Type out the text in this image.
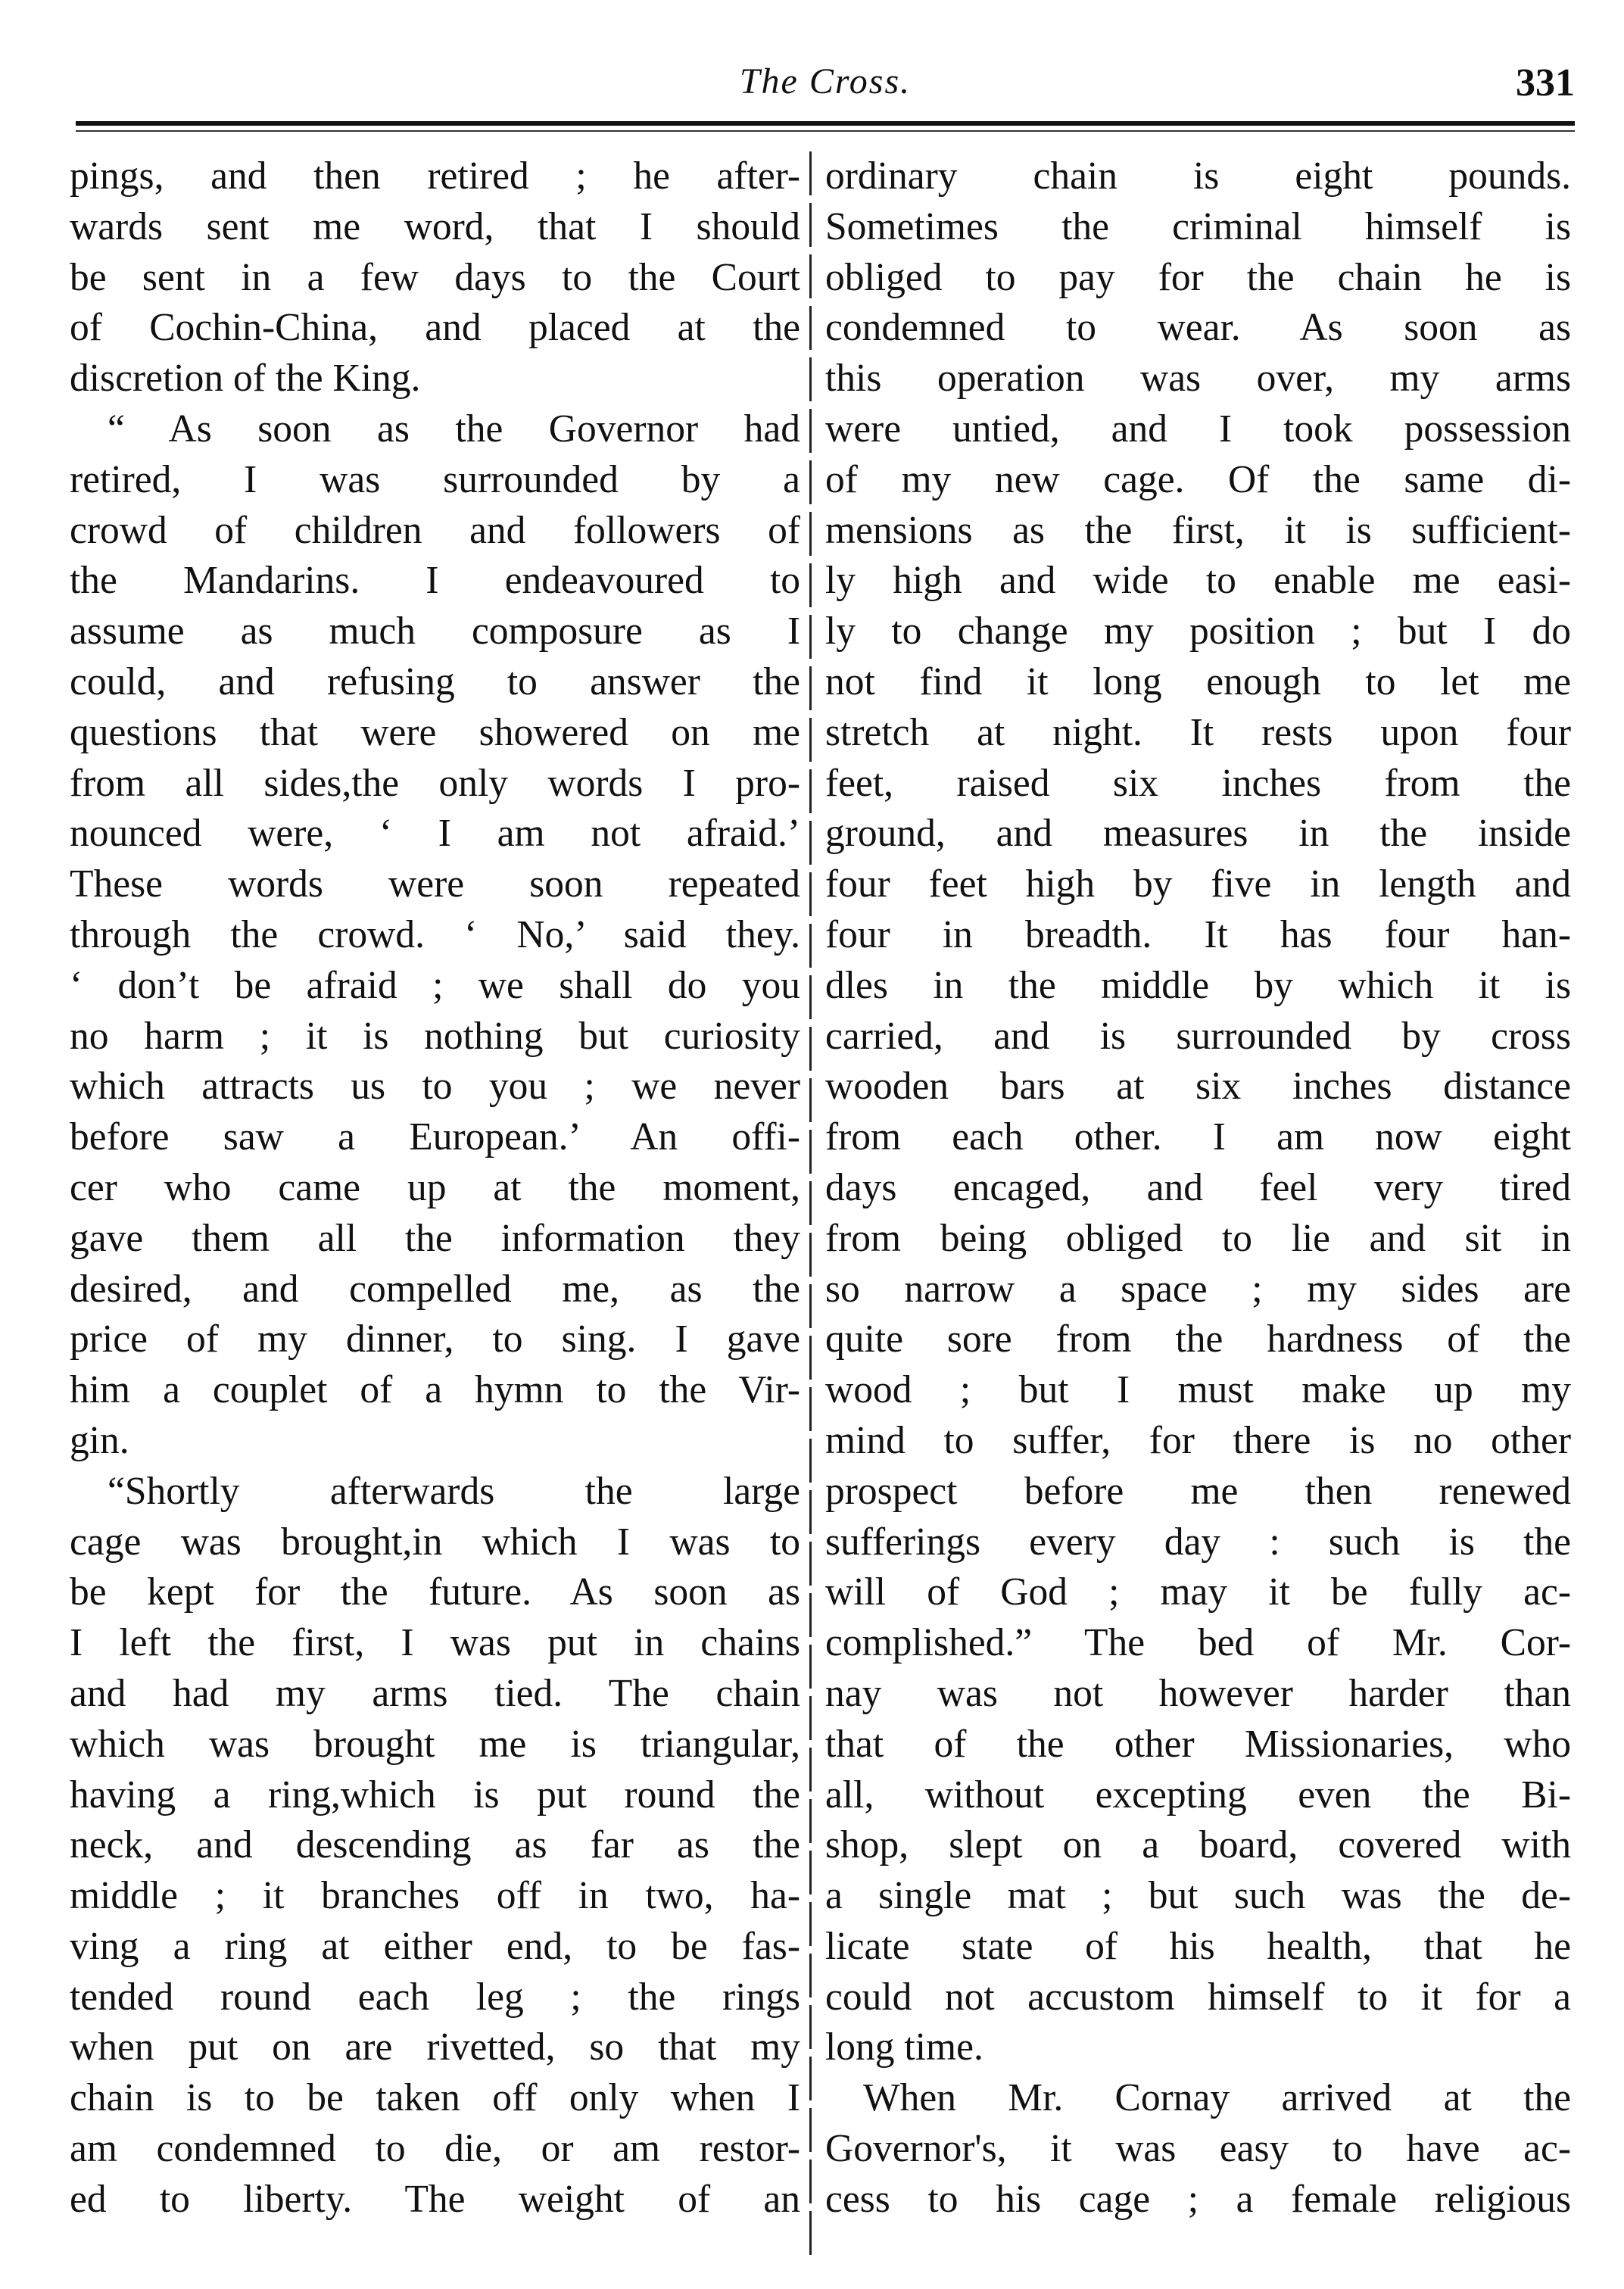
The Cross.	331
pings, and then retired ; he after-
wards sent me word, that I should
be sent in a few days to the Court
of Cochin-China, and placed at the
discretion of the King.
“ As soon as the Governor had
retired, I was surrounded by a
crowd of children and followers of
the Mandarins. I endeavoured to
assume as much composure as I
could, and refusing to answer the
questions that were showered on me
from all sides,the only words I pro-
nounced were, ‘ I am not afraid.’
These words were soon repeated
through the crowd. ‘ No,’ said they.
‘ don’t be afraid ; we shall do you
no harm ; it is nothing but curiosity
which attracts us to you ; we never
before saw a European.’ An offi-
cer who came up at the moment,
gave them all the information they
desired, and compelled me, as the
price of my dinner, to sing. I gave
him a couplet of a hymn to the Vir-
gin.
“Shortly afterwards the large
cage was brought,in which I was to
be kept for the future. As soon as
I left the first, I was put in chains
and had my arms tied. The chain
which was brought me is triangular,
having a ring,which is put round the
neck, and descending as far as the
middle ; it branches off in two, ha-
ving a ring at either end, to be fas-
tended round each leg ; the rings
when put on are rivetted, so that my
chain is to be taken off only when I
am condemned to die, or am restor-
ed to liberty. The weight of an
ordinary chain is eight pounds.
Sometimes the criminal himself is
obliged to pay for the chain he is
condemned to wear. As soon as
this operation was over, my arms
were untied, and I took possession
of my new cage. Of the same di-
mensions as the first, it is sufficient-
ly high and wide to enable me easi-
ly to change my position ; but I do
not find it long enough to let me
stretch at night. It rests upon four
feet, raised six inches from the
ground, and measures in the inside
four feet high by five in length and
four in breadth. It has four han-
dles in the middle by which it is
carried, and is surrounded by cross
wooden bars at six inches distance
from each other. I am now eight
days encaged, and feel very tired
from being obliged to lie and sit in
so narrow a space ; my sides are
quite sore from the hardness of the
wood ; but I must make up my
mind to suffer, for there is no other
prospect before me then renewed
sufferings every day : such is the
will of God ; may it be fully ac-
complished.” The bed of Mr. Cor-
nay was not however harder than
that of the other Missionaries, who
all, without excepting even the Bi-
shop, slept on a board, covered with
a single mat ; but such was the de-
licate state of his health, that he
could not accustom himself to it for a
long time.
When Mr. Cornay arrived at the
Governor's, it was easy to have ac-
cess to his cage ; a female religious
